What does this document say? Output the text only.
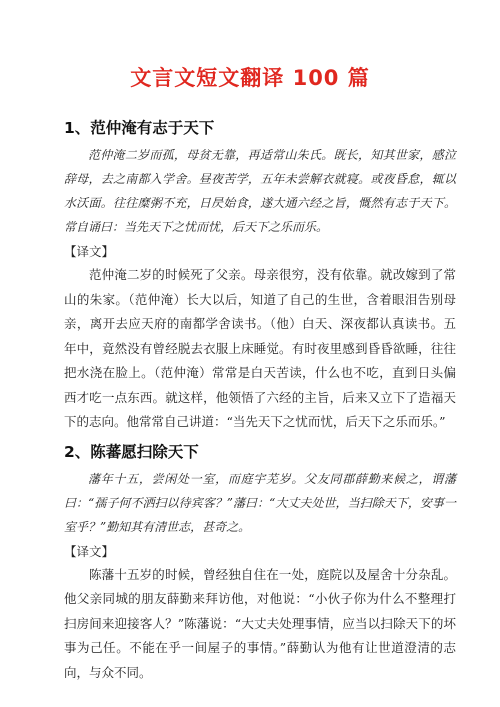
文言文短文翻译 100 篇
1、范仲淹有志于天下

范仲淹二岁而孤，母贫无靠，再适常山朱氏。既长，知其世家，感泣辞母，去之南都入学舍。昼夜苦学，五年未尝解衣就寝。或夜昏怠，辄以水沃面。往往糜粥不充，日昃始食，遂大通六经之旨，慨然有志于天下。常自诵曰：当先天下之忧而忧，后天下之乐而乐。

【译文】

范仲淹二岁的时候死了父亲。母亲很穷，没有依靠。就改嫁到了常山的朱家。（范仲淹）长大以后，知道了自己的生世，含着眼泪告别母亲，离开去应天府的南都学舍读书。（他）白天、深夜都认真读书。五年中，竟然没有曾经脱去衣服上床睡觉。有时夜里感到昏昏欲睡，往往把水浇在脸上。（范仲淹）常常是白天苦读，什么也不吃，直到日头偏西才吃一点东西。就这样，他领悟了六经的主旨，后来又立下了造福天下的志向。他常常自己讲道：“当先天下之忧而忧，后天下之乐而乐。”

2、陈蕃愿扫除天下

藩年十五，尝闲处一室，而庭宇芜岁。父友同郡薛勤来候之，谓藩曰：“孺子何不洒扫以待宾客？”藩曰：“大丈夫处世，当扫除天下，安事一室乎？”勤知其有清世志，甚奇之。

【译文】

陈藩十五岁的时候，曾经独自住在一处，庭院以及屋舍十分杂乱。他父亲同城的朋友薛勤来拜访他，对他说：“小伙子你为什么不整理打扫房间来迎接客人？”陈藩说：“大丈夫处理事情，应当以扫除天下的坏事为己任。不能在乎一间屋子的事情。”薛勤认为他有让世道澄清的志向，与众不同。
